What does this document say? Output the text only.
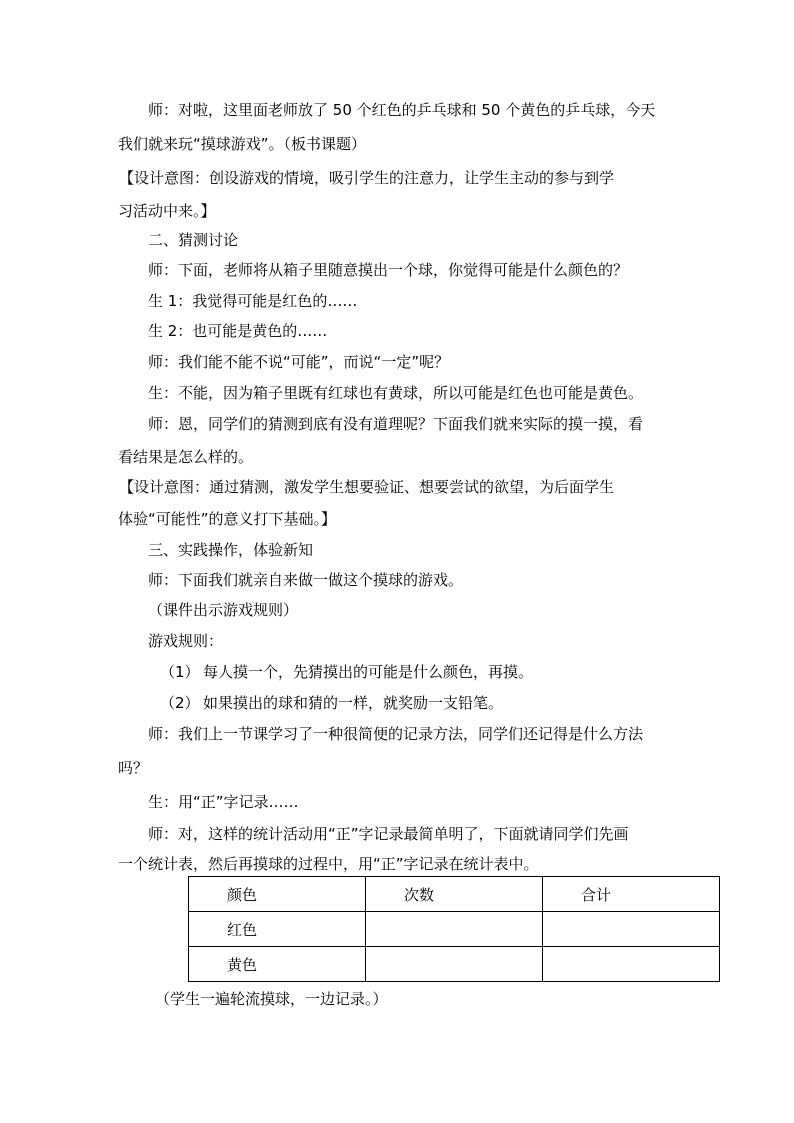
师：对啦，这里面老师放了 50 个红色的乒乓球和 50 个黄色的乒乓球，今天

我们就来玩“摸球游戏”。（板书课题）

【设计意图：创设游戏的情境，吸引学生的注意力，让学生主动的参与到学

习活动中来。】

二、猜测讨论

师：下面，老师将从箱子里随意摸出一个球，你觉得可能是什么颜色的？

生 1：我觉得可能是红色的……

生 2：也可能是黄色的……

师：我们能不能不说“可能”，而说“一定”呢？

生：不能，因为箱子里既有红球也有黄球，所以可能是红色也可能是黄色。

师：恩，同学们的猜测到底有没有道理呢？下面我们就来实际的摸一摸，看

看结果是怎么样的。

【设计意图：通过猜测，激发学生想要验证、想要尝试的欲望，为后面学生

体验“可能性”的意义打下基础。】

三、实践操作，体验新知

师：下面我们就亲自来做一做这个摸球的游戏。

（课件出示游戏规则）

游戏规则：

（1） 每人摸一个，先猜摸出的可能是什么颜色，再摸。

（2） 如果摸出的球和猜的一样，就奖励一支铅笔。

师：我们上一节课学习了一种很简便的记录方法，同学们还记得是什么方法

吗？

生：用“正”字记录……

师：对，这样的统计活动用“正”字记录最简单明了，下面就请同学们先画

一个统计表，然后再摸球的过程中，用“正”字记录在统计表中。

颜色	次数	合计
红色		
黄色		

（学生一遍轮流摸球，一边记录。）
